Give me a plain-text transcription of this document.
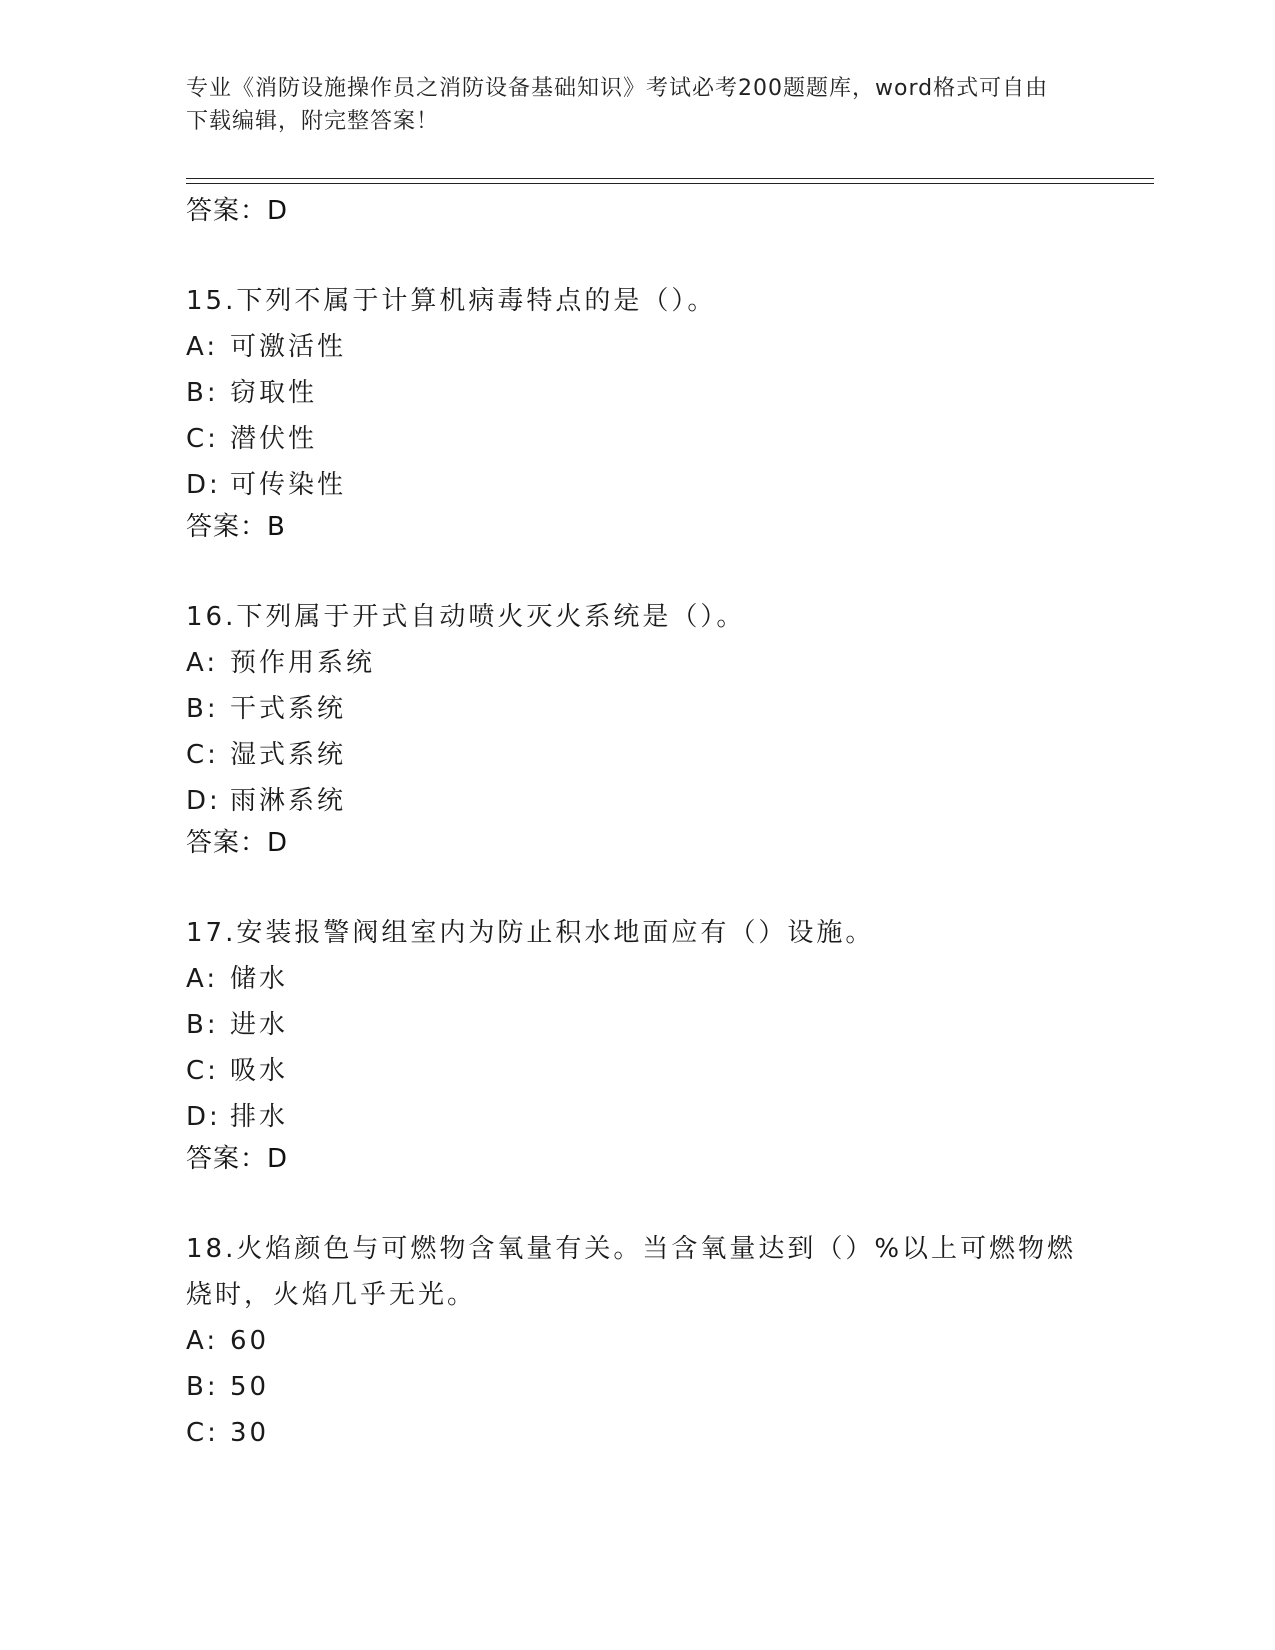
专业《消防设施操作员之消防设备基础知识》考试必考200题题库，word格式可自由下载编辑，附完整答案！
答案：D
15.下列不属于计算机病毒特点的是（）。
A: 可激活性
B: 窃取性
C: 潜伏性
D: 可传染性
答案：B
16.下列属于开式自动喷火灭火系统是（）。
A: 预作用系统
B: 干式系统
C: 湿式系统
D: 雨淋系统
答案：D
17.安装报警阀组室内为防止积水地面应有（）设施。
A: 储水
B: 进水
C: 吸水
D: 排水
答案：D
18.火焰颜色与可燃物含氧量有关。当含氧量达到（）%以上可燃物燃烧时，火焰几乎无光。
A: 60
B: 50
C: 30
